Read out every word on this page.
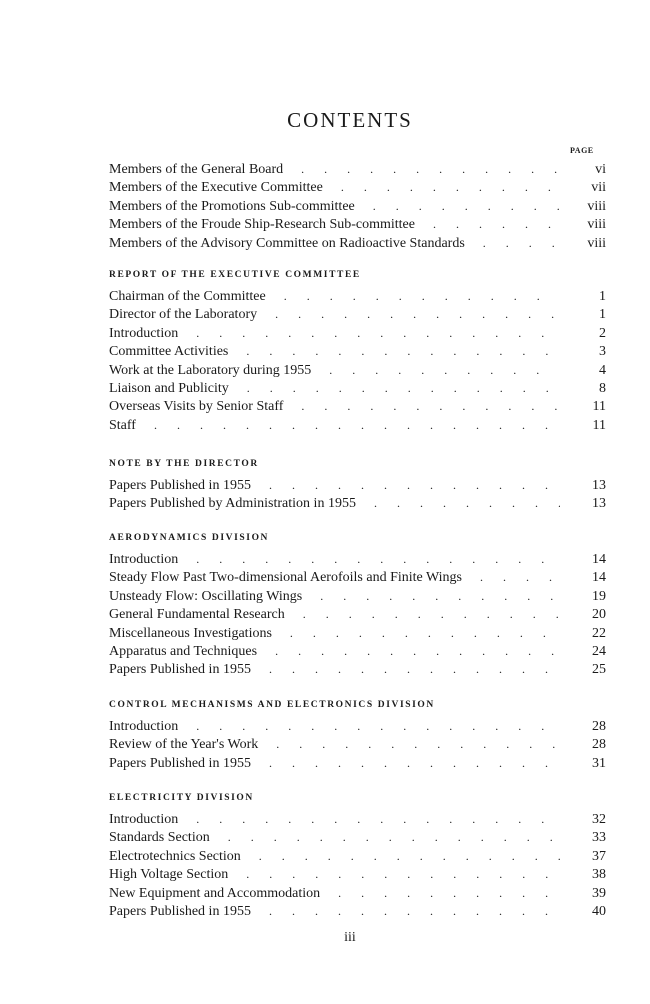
CONTENTS
PAGE
Members of the General Board . . .	vi
Members of the Executive Committee . . .	vii
Members of the Promotions Sub-committee . . .	viii
Members of the Froude Ship-Research Sub-committee . . .	viii
Members of the Advisory Committee on Radioactive Standards . . .	viii
REPORT OF THE EXECUTIVE COMMITTEE
Chairman of the Committee . . .	1
Director of the Laboratory . . .	1
Introduction . . .	2
Committee Activities . . .	3
Work at the Laboratory during 1955 . . .	4
Liaison and Publicity . . .	8
Overseas Visits by Senior Staff . . .	11
Staff . . .	11
NOTE BY THE DIRECTOR
Papers Published in 1955 . . .	13
Papers Published by Administration in 1955 . . .	13
AERODYNAMICS DIVISION
Introduction . . .	14
Steady Flow Past Two-dimensional Aerofoils and Finite Wings . . .	14
Unsteady Flow: Oscillating Wings . . .	19
General Fundamental Research . . .	20
Miscellaneous Investigations . . .	22
Apparatus and Techniques . . .	24
Papers Published in 1955 . . .	25
CONTROL MECHANISMS AND ELECTRONICS DIVISION
Introduction . . .	28
Review of the Year's Work . . .	28
Papers Published in 1955 . . .	31
ELECTRICITY DIVISION
Introduction . . .	32
Standards Section . . .	33
Electrotechnics Section . . .	37
High Voltage Section . . .	38
New Equipment and Accommodation . . .	39
Papers Published in 1955 . . .	40
iii
